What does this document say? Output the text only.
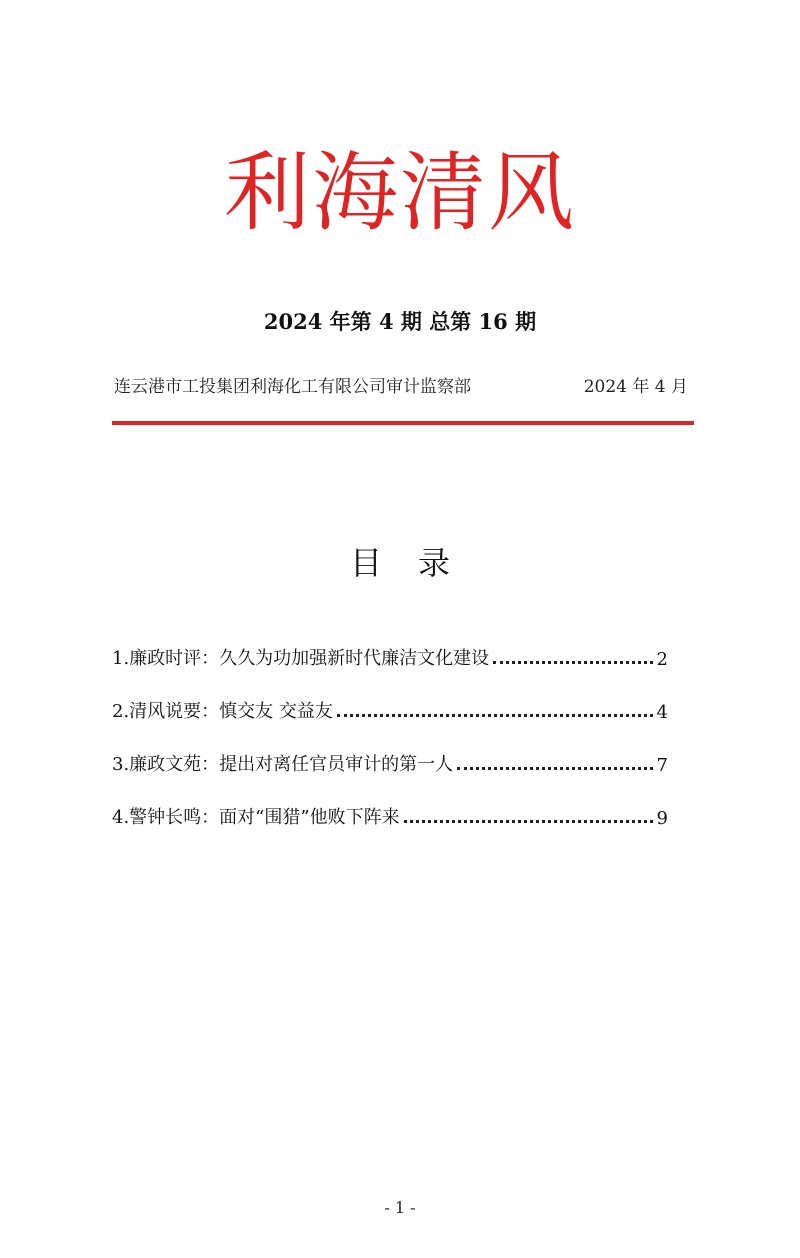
利海清风
2024 年第 4 期 总第 16 期
连云港市工投集团利海化工有限公司审计监察部	2024 年 4 月
目录
1.廉政时评：久久为功加强新时代廉洁文化建设	2
2.清风说要：慎交友 交益友	4
3.廉政文苑：提出对离任官员审计的第一人	7
4.警钟长鸣：面对“围猎”他败下阵来	9
- 1 -
